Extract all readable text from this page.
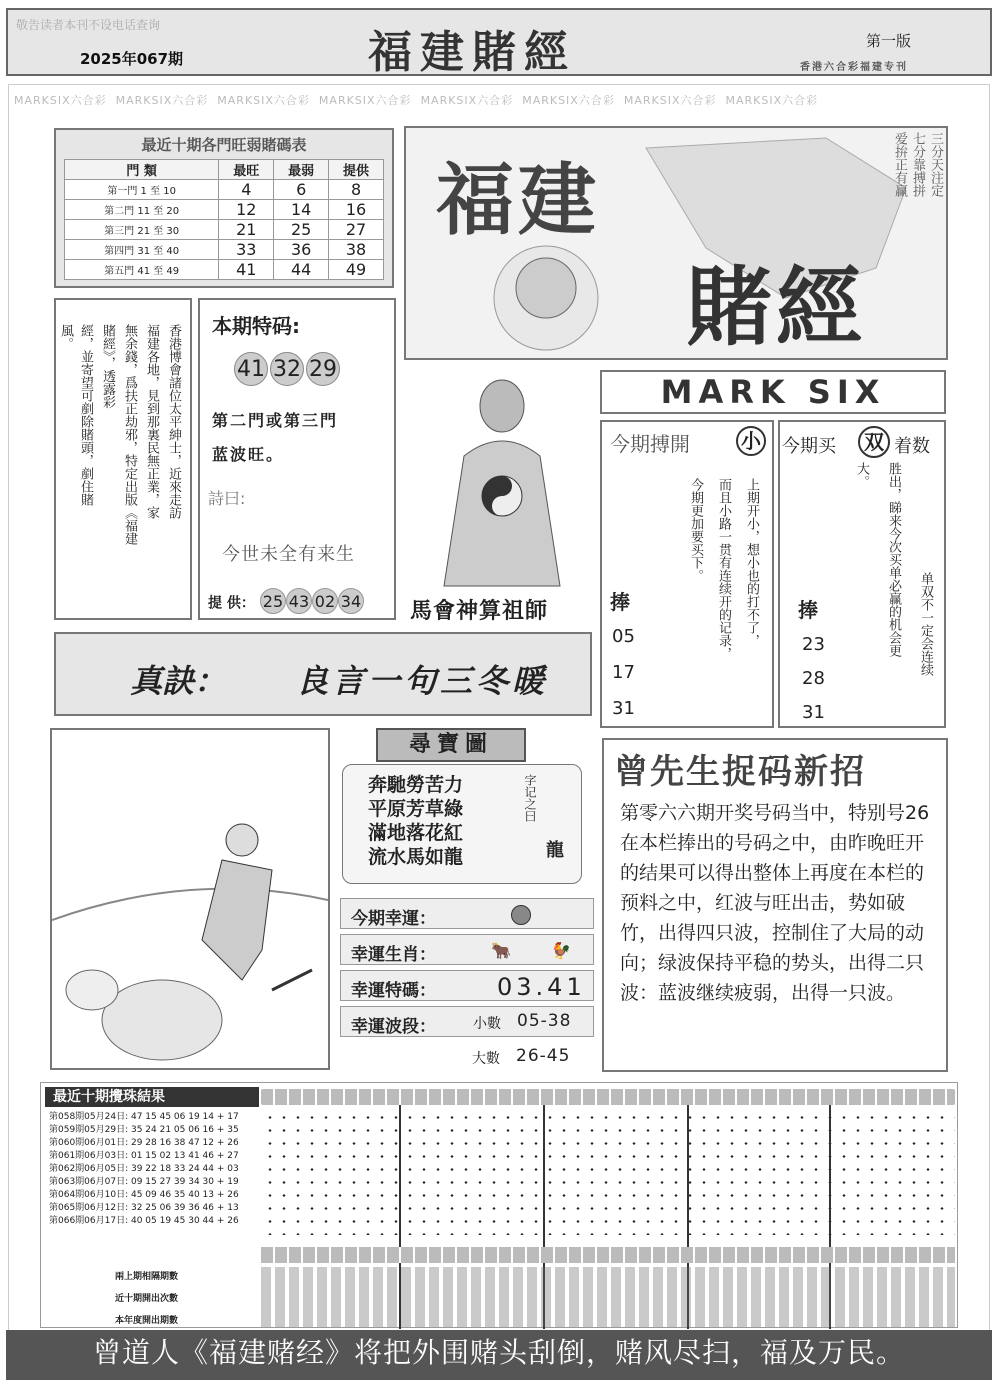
敬告读者本刊不设电话查询
2025年067期	福建賭經	第一版
香港六合彩福建专刊
MARKSIX六合彩 MARKSIX六合彩 MARKSIX六合彩 MARKSIX六合彩 MARKSIX六合彩 MARKSIX六合彩 MARKSIX六合彩 MARKSIX六合彩
最近十期各門旺弱賭碼表
門 類	最旺	最弱	提供
第一門 1 至 10	4	6	8
第二門 11 至 20	12	14	16
第三門 21 至 30	21	25	27
第四門 31 至 40	33	36	38
第五門 41 至 49	41	44	49
福建
賭經
三分天注定
七分靠搏拼
爱拚正有赢
香港博會諸位太平紳士，近來走訪
福建各地，見到那裏民無正業，家
無余錢，爲扶正劫邪，特定出版《福建
賭經》，透露彩
經，並寄望可剷除賭頭，剷住賭
風。	本期特码:
41 32 29
第二門或第三門
蓝波旺。
詩曰:
今世未全有来生
提 供： 25 43 02 34 馬會神算祖師
MARK SIX
今期搏開	小
上期开小，想小也的打不了，
而且小路一贯有连续开的记录，
今期更加要买下。
捧
05
17
31
今期买	双 着数
单双不一定会连续
胜出，睇来今次买单必赢的机会更
大。
捧
23
28
31
真訣： 良言一句三冬暖
尋寶圖
奔馳勞苦力
平原芳草綠
滿地落花紅
流水馬如龍
字记之曰
龍
今期幸運：
幸運生肖：	🐂	🐓
幸運特碼：	03.41
幸運波段：	小數 05-38
大數 26-45
曾先生捉码新招
第零六六期开奖号码当中，特别号26在本栏捧出的号码之中，由昨晚旺开的结果可以得出整体上再度在本栏的预料之中，红波与旺出击，势如破竹，出得四只波，控制住了大局的动向；绿波保持平稳的势头，出得二只波：蓝波继续疲弱，出得一只波。
最近十期攪珠結果
第058期05月24日: 47 15 45 06 19 14 + 17
第059期05月29日: 35 24 21 05 06 16 + 35
第060期06月01日: 29 28 16 38 47 12 + 26
第061期06月03日: 01 15 02 13 41 46 + 27
第062期06月05日: 39 22 18 33 24 44 + 03
第063期06月07日: 09 15 27 39 34 30 + 19
第064期06月10日: 45 09 46 35 40 13 + 26
第065期06月12日: 32 25 06 39 36 46 + 13
第066期06月17日: 40 05 19 45 30 44 + 26
兩上期相隔期數
近十期開出次數
本年度開出期數
曾道人《福建赌经》将把外围赌头刮倒，赌风尽扫，福及万民。
